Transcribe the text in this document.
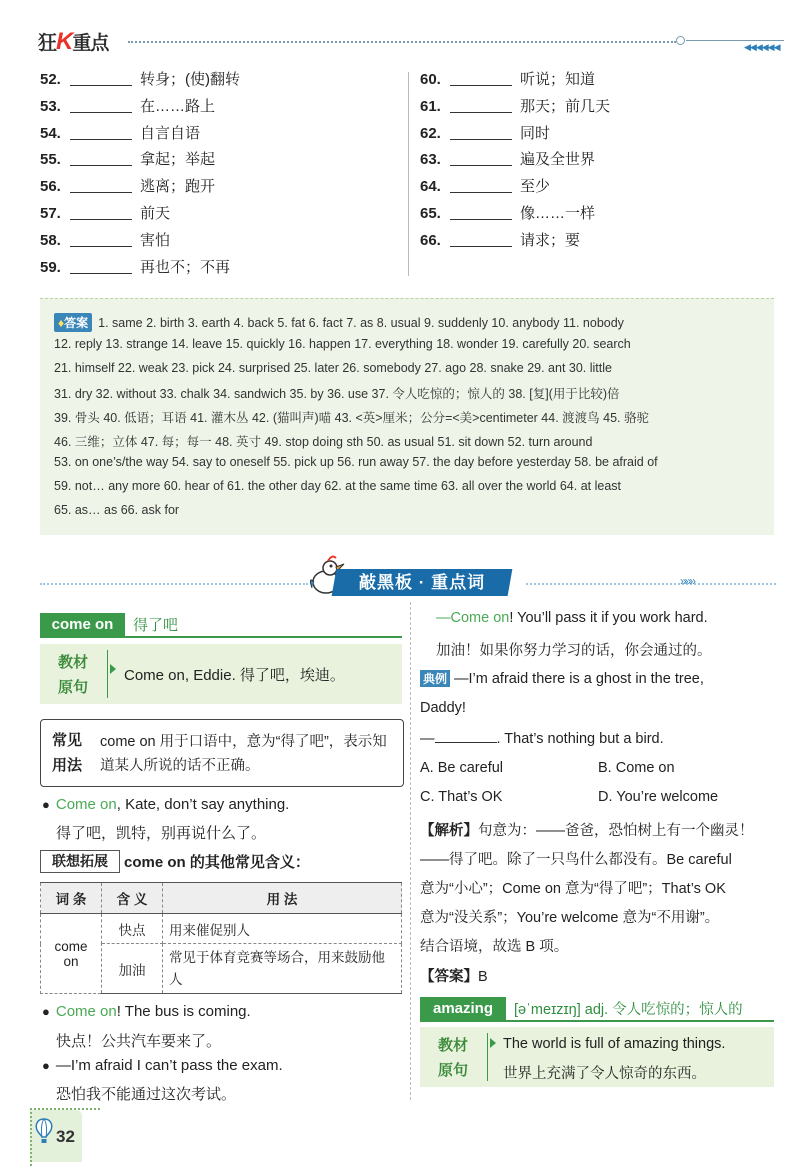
狂K重点	◀◀◀◀◀◀
52.	转身；(使)翻转
53.	在……路上
54.	自言自语
55.	拿起；举起
56.	逃离；跑开
57.	前天
58.	害怕
59.	再也不；不再
60.	听说；知道
61.	那天；前几天
62.	同时
63.	遍及全世界
64.	至少
65.	像……一样
66.	请求；要
♦答案 1. same 2. birth 3. earth 4. back 5. fat 6. fact 7. as 8. usual 9. suddenly 10. anybody 11. nobody
12. reply 13. strange 14. leave 15. quickly 16. happen 17. everything 18. wonder 19. carefully 20. search
21. himself 22. weak 23. pick 24. surprised 25. later 26. somebody 27. ago 28. snake 29. ant 30. little
31. dry 32. without 33. chalk 34. sandwich 35. by 36. use 37. 令人吃惊的；惊人的 38. [复](用于比较)倍
39. 骨头 40. 低语；耳语 41. 灌木丛 42. (猫叫声)喵 43. <英>厘米；公分=<美>centimeter 44. 渡渡鸟 45. 骆驼
46. 三维；立体 47. 每；每一 48. 英寸 49. stop doing sth 50. as usual 51. sit down 52. turn around
53. on one’s/the way 54. say to oneself 55. pick up 56. run away 57. the day before yesterday 58. be afraid of
59. not… any more 60. hear of 61. the other day 62. at the same time 63. all over the world 64. at least
65. as… as 66. ask for
»»»
敲黑板 · 重点词
come on	得了吧
教材
原句
Come on, Eddie. 得了吧，埃迪。
常见
用法
come on 用于口语中，意为“得了吧”，表示知道某人所说的话不正确。
● Come on, Kate, don’t say anything.
得了吧，凯特，别再说什么了。
联想拓展	come on 的其他常见含义：
词 条	含 义	用 法
come on	快点	用来催促别人
	加油	常见于体育竞赛等场合，用来鼓励他人
● Come on! The bus is coming.
快点！公共汽车要来了。
● —I’m afraid I can’t pass the exam.
恐怕我不能通过这次考试。
—Come on! You’ll pass it if you work hard.
加油！如果你努力学习的话，你会通过的。
典例 —I’m afraid there is a ghost in the tree,
Daddy!
—	. That’s nothing but a bird.
A. Be careful	B. Come on
C. That’s OK	D. You’re welcome
【解析】句意为：——爸爸，恐怕树上有一个幽灵！
——得了吧。除了一只鸟什么都没有。Be careful
意为“小心”；Come on 意为“得了吧”；That’s OK
意为“没关系”；You’re welcome 意为“不用谢”。
结合语境，故选 B 项。
【答案】B
amazing	[əˈmeɪzɪŋ] adj. 令人吃惊的；惊人的
教材
原句
The world is full of amazing things.
世界上充满了令人惊奇的东西。
32
